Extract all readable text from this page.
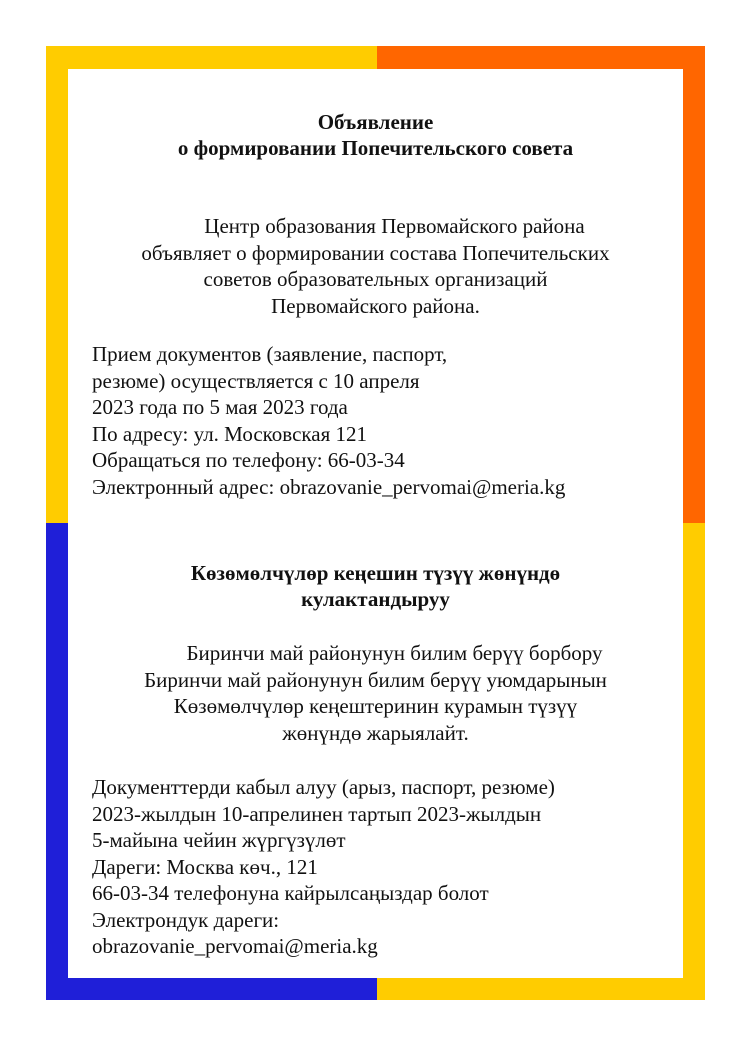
Объявление
о формировании Попечительского совета

Центр образования Первомайского района
объявляет о формировании состава Попечительских
советов образовательных организаций
Первомайского района.

Прием документов (заявление, паспорт,
резюме) осуществляется с 10 апреля
2023 года по 5 мая 2023 года
По адресу: ул. Московская 121
Обращаться по телефону: 66-03-34
Электронный адрес: obrazovanie_pervomai@meria.kg

Көзөмөлчүлөр кеңешин түзүү жөнүндө
кулактандыруу

Биринчи май районунун билим берүү борбору
Биринчи май районунун билим берүү уюмдарынын
Көзөмөлчүлөр кеңештеринин курамын түзүү
жөнүндө жарыялайт.

Документтерди кабыл алуу (арыз, паспорт, резюме)
2023-жылдын 10-апрелинен тартып 2023-жылдын
5-майына чейин жүргүзүлөт
Дареги: Москва көч., 121
66-03-34 телефонуна кайрылсаңыздар болот
Электрондук дареги:
obrazovanie_pervomai@meria.kg
